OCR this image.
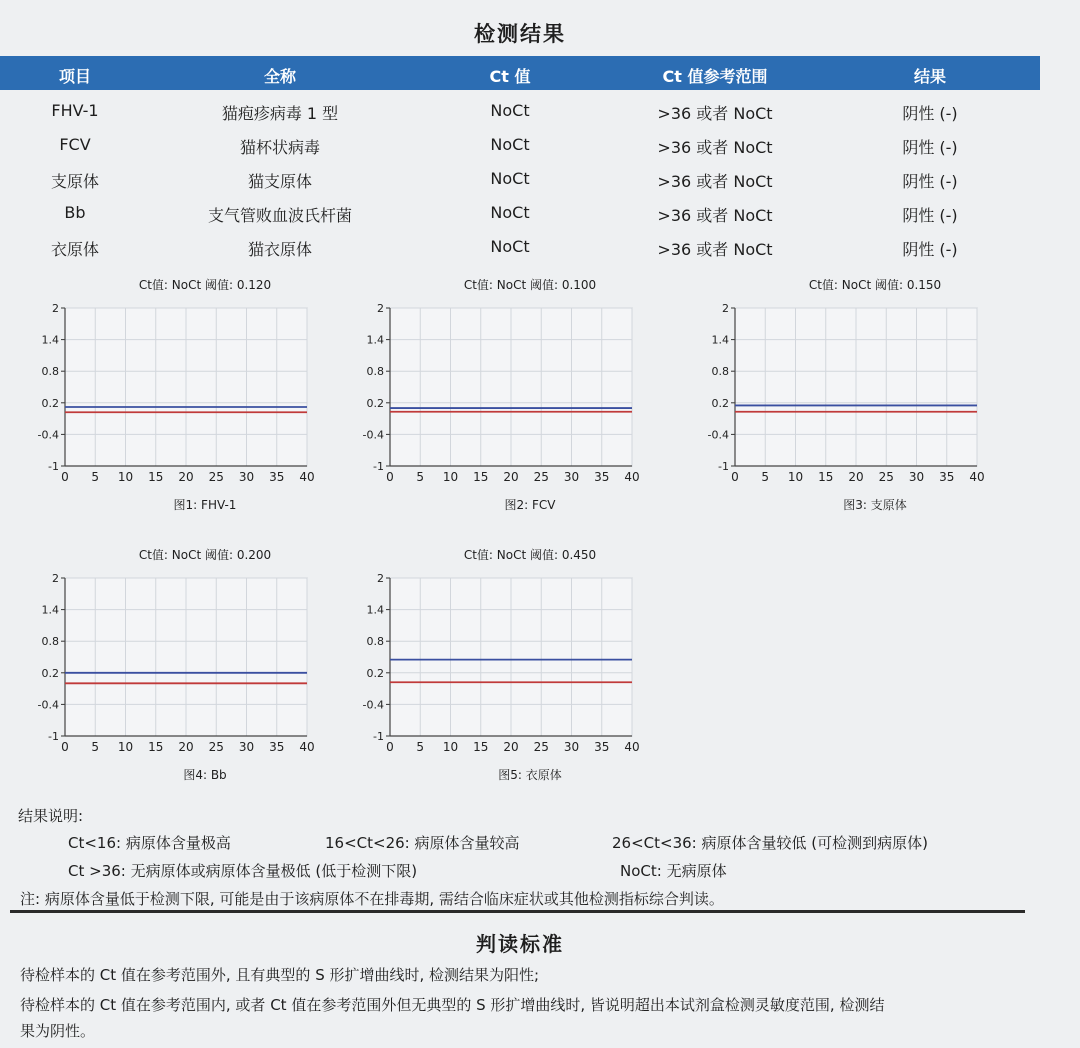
检测结果
项目	全称	Ct 值	Ct 值参考范围	结果
FHV-1	猫疱疹病毒 1 型	NoCt	>36 或者 NoCt	阴性 (-)
FCV	猫杯状病毒	NoCt	>36 或者 NoCt	阴性 (-)
支原体	猫支原体	NoCt	>36 或者 NoCt	阴性 (-)
Bb	支气管败血波氏杆菌	NoCt	>36 或者 NoCt	阴性 (-)
衣原体	猫衣原体	NoCt	>36 或者 NoCt	阴性 (-)
Ct值: NoCt 阈值: 0.120
0 5 10 15 20 25 30 35 40
2
1.4
0.8
0.2
-0.4
-1
图1: FHV-1
Ct值: NoCt 阈值: 0.100
0 5 10 15 20 25 30 35 40
2
1.4
0.8
0.2
-0.4
-1
图2: FCV
Ct值: NoCt 阈值: 0.150
0 5 10 15 20 25 30 35 40
2
1.4
0.8
0.2
-0.4
-1
图3: 支原体
Ct值: NoCt 阈值: 0.200
0 5 10 15 20 25 30 35 40
2
1.4
0.8
0.2
-0.4
-1
图4: Bb
Ct值: NoCt 阈值: 0.450
0 5 10 15 20 25 30 35 40
2
1.4
0.8
0.2
-0.4
-1
图5: 衣原体
结果说明:
Ct<16: 病原体含量极高	16<Ct<26: 病原体含量较高	26<Ct<36: 病原体含量较低 (可检测到病原体)
Ct >36: 无病原体或病原体含量极低 (低于检测下限)	NoCt: 无病原体
注: 病原体含量低于检测下限, 可能是由于该病原体不在排毒期, 需结合临床症状或其他检测指标综合判读。
判读标准
待检样本的 Ct 值在参考范围外, 且有典型的 S 形扩增曲线时, 检测结果为阳性;
待检样本的 Ct 值在参考范围内, 或者 Ct 值在参考范围外但无典型的 S 形扩增曲线时, 皆说明超出本试剂盒检测灵敏度范围, 检测结
果为阴性。
